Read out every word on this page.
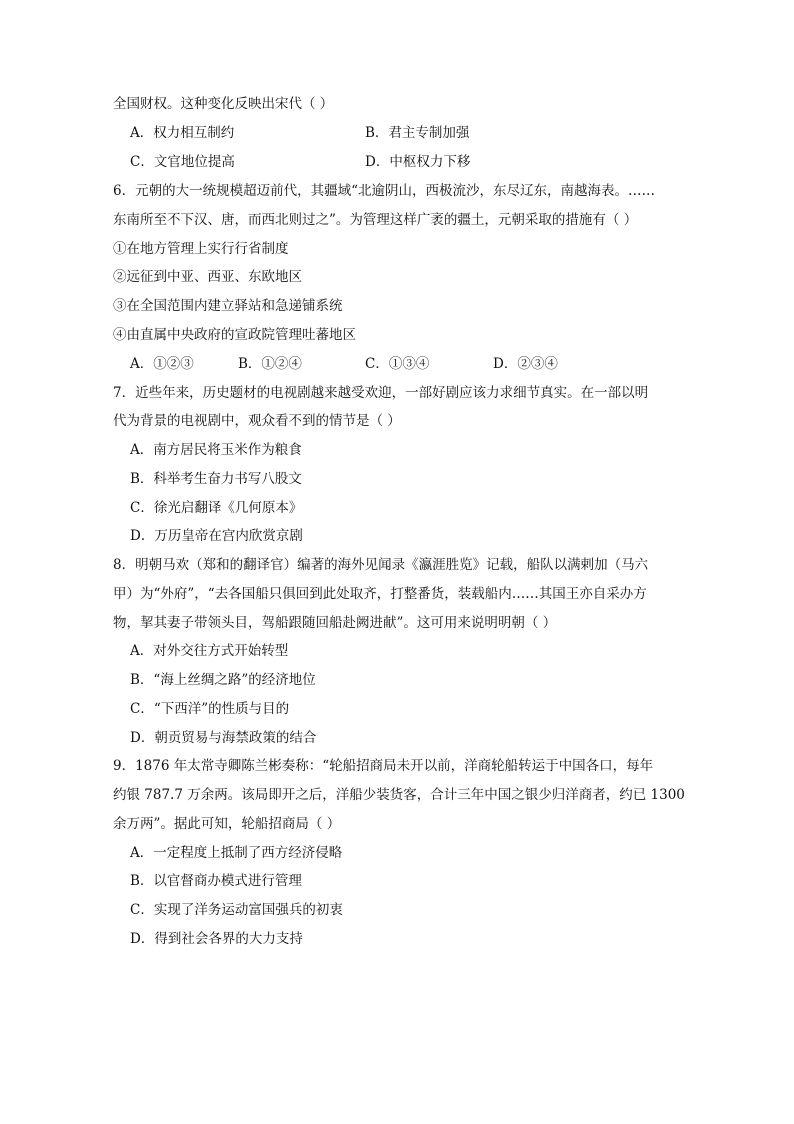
全国财权。这种变化反映出宋代（ ）
A．权力相互制约	B．君主专制加强
C．文官地位提高	D．中枢权力下移
6．元朝的大一统规模超迈前代，其疆域“北逾阴山，西极流沙，东尽辽东，南越海表。……
东南所至不下汉、唐，而西北则过之”。为管理这样广袤的疆土，元朝采取的措施有（ ）
①在地方管理上实行行省制度
②远征到中亚、西亚、东欧地区
③在全国范围内建立驿站和急递铺系统
④由直属中央政府的宣政院管理吐蕃地区
A．①②③	B．①②④	C．①③④	D．②③④
7．近些年来，历史题材的电视剧越来越受欢迎，一部好剧应该力求细节真实。在一部以明
代为背景的电视剧中，观众看不到的情节是（ ）
A．南方居民将玉米作为粮食
B．科举考生奋力书写八股文
C．徐光启翻译《几何原本》
D．万历皇帝在宫内欣赏京剧
8．明朝马欢（郑和的翻译官）编著的海外见闻录《瀛涯胜览》记载，船队以满剌加（马六
甲）为“外府”，“去各国船只俱回到此处取齐，打整番货，装载船内……其国王亦自采办方
物，挈其妻子带领头目，驾船跟随回船赴阙进献”。这可用来说明明朝（ ）
A．对外交往方式开始转型
B．“海上丝绸之路”的经济地位
C．“下西洋”的性质与目的
D．朝贡贸易与海禁政策的结合
9．1876 年太常寺卿陈兰彬奏称：“轮船招商局未开以前，洋商轮船转运于中国各口，每年
约银 787.7 万余两。该局即开之后，洋船少装货客，合计三年中国之银少归洋商者，约已 1300
余万两”。据此可知，轮船招商局（ ）
A．一定程度上抵制了西方经济侵略
B．以官督商办模式进行管理
C．实现了洋务运动富国强兵的初衷
D．得到社会各界的大力支持
